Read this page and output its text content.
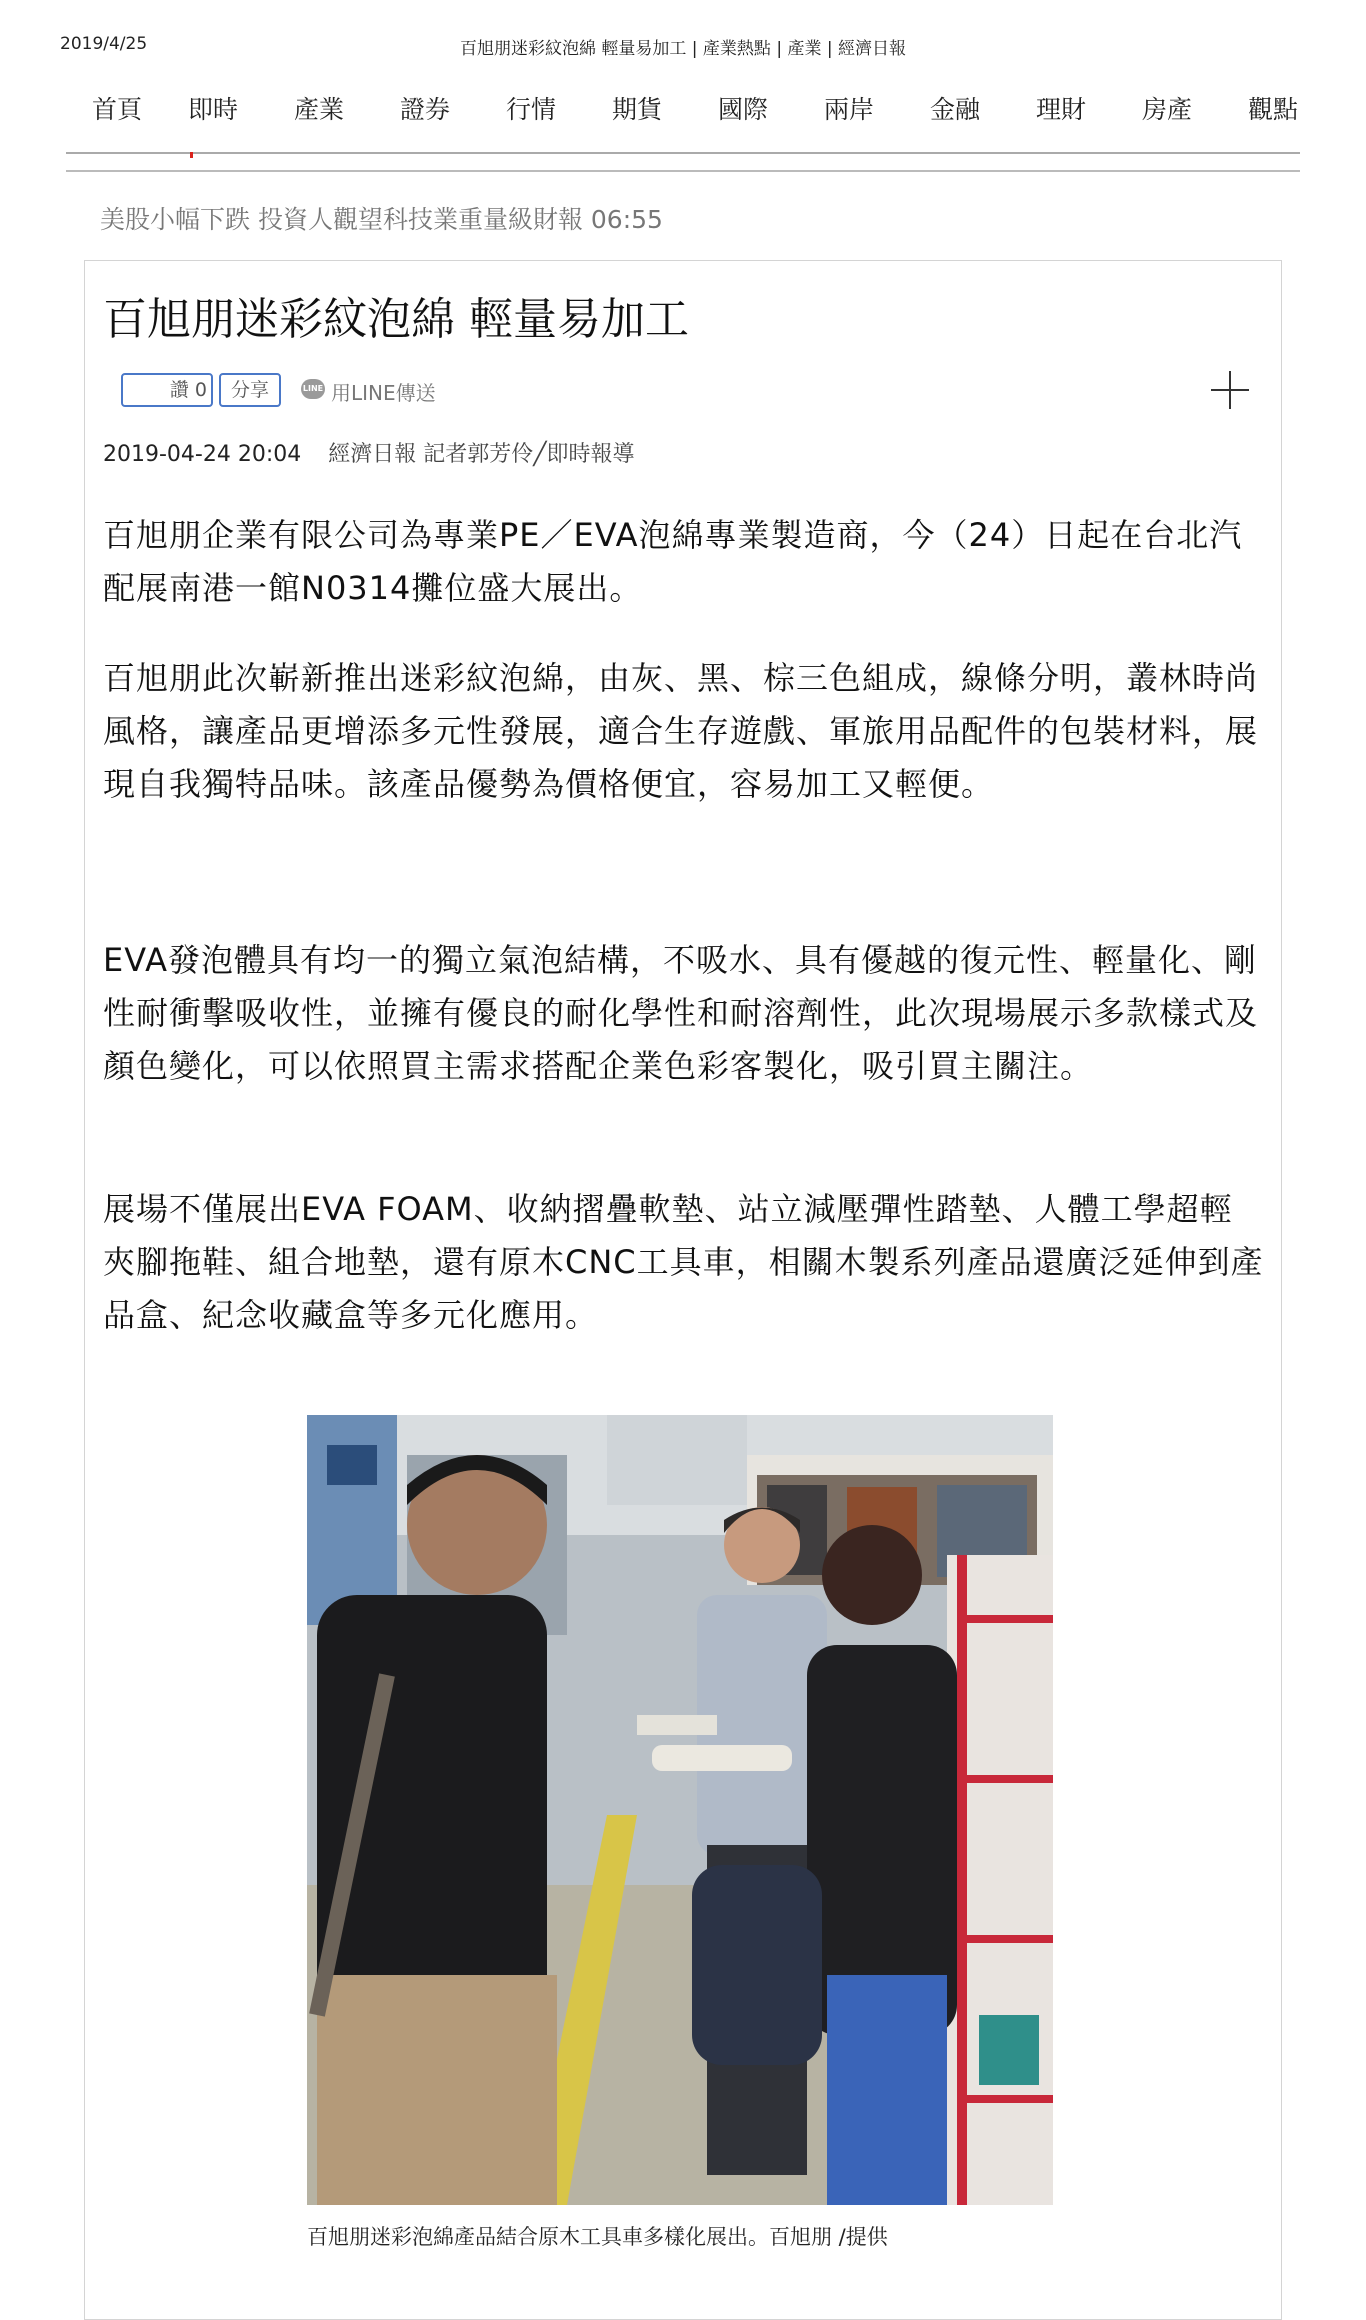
2019/4/25	百旭朋迷彩紋泡綿 輕量易加工 | 產業熱點 | 產業 | 經濟日報
首頁 即時 產業 證券 行情 期貨 國際 兩岸 金融 理財 房產 觀點
美股小幅下跌 投資人觀望科技業重量級財報 06:55
百旭朋迷彩紋泡綿 輕量易加工
讚 0	分享	LINE 用LINE傳送
2019-04-24 20:04 經濟日報 記者郭芳伶╱即時報導

百旭朋企業有限公司為專業PE／EVA泡綿專業製造商，今（24）日起在台北汽配展南港一館N0314攤位盛大展出。

百旭朋此次嶄新推出迷彩紋泡綿，由灰、黑、棕三色組成，線條分明，叢林時尚風格，讓產品更增添多元性發展，適合生存遊戲、軍旅用品配件的包裝材料，展現自我獨特品味。該產品優勢為價格便宜，容易加工又輕便。

EVA發泡體具有均一的獨立氣泡結構，不吸水、具有優越的復元性、輕量化、剛性耐衝擊吸收性，並擁有優良的耐化學性和耐溶劑性，此次現場展示多款樣式及顏色變化，可以依照買主需求搭配企業色彩客製化，吸引買主關注。

展場不僅展出EVA FOAM、收納摺疊軟墊、站立減壓彈性踏墊、人體工學超輕夾腳拖鞋、組合地墊，還有原木CNC工具車，相關木製系列產品還廣泛延伸到產品盒、紀念收藏盒等多元化應用。

百旭朋迷彩泡綿產品結合原木工具車多樣化展出。百旭朋 /提供
